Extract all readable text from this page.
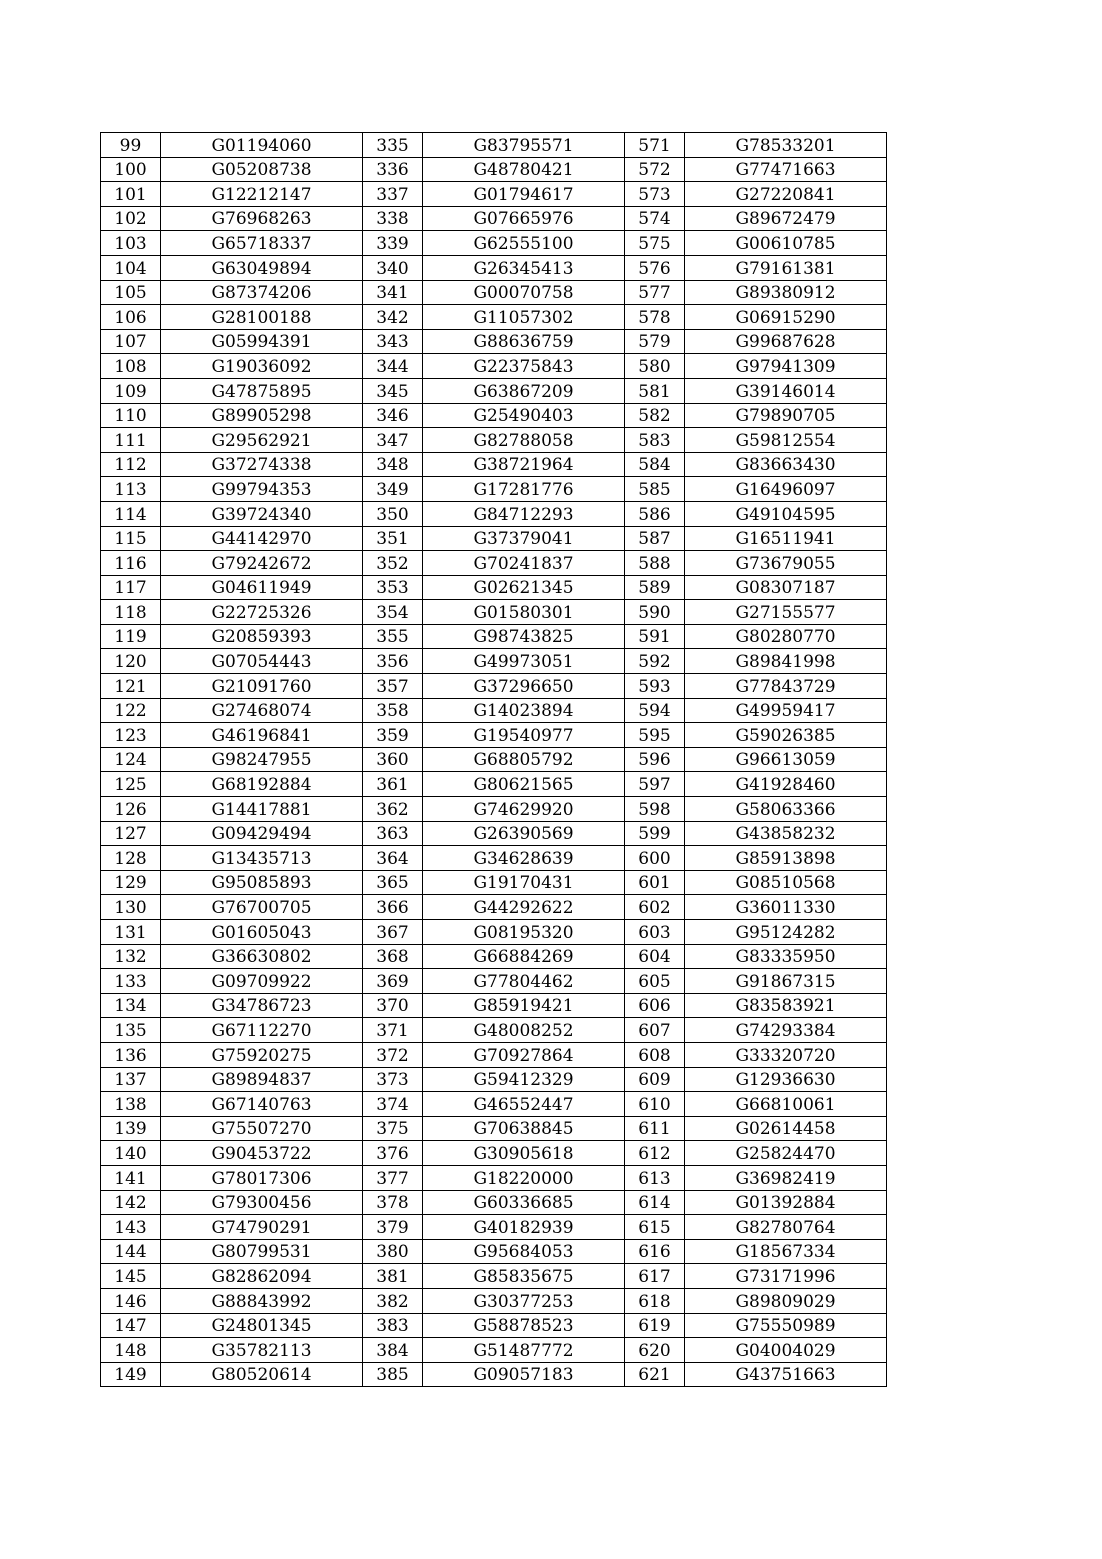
99	G01194060	335	G83795571	571	G78533201
100	G05208738	336	G48780421	572	G77471663
101	G12212147	337	G01794617	573	G27220841
102	G76968263	338	G07665976	574	G89672479
103	G65718337	339	G62555100	575	G00610785
104	G63049894	340	G26345413	576	G79161381
105	G87374206	341	G00070758	577	G89380912
106	G28100188	342	G11057302	578	G06915290
107	G05994391	343	G88636759	579	G99687628
108	G19036092	344	G22375843	580	G97941309
109	G47875895	345	G63867209	581	G39146014
110	G89905298	346	G25490403	582	G79890705
111	G29562921	347	G82788058	583	G59812554
112	G37274338	348	G38721964	584	G83663430
113	G99794353	349	G17281776	585	G16496097
114	G39724340	350	G84712293	586	G49104595
115	G44142970	351	G37379041	587	G16511941
116	G79242672	352	G70241837	588	G73679055
117	G04611949	353	G02621345	589	G08307187
118	G22725326	354	G01580301	590	G27155577
119	G20859393	355	G98743825	591	G80280770
120	G07054443	356	G49973051	592	G89841998
121	G21091760	357	G37296650	593	G77843729
122	G27468074	358	G14023894	594	G49959417
123	G46196841	359	G19540977	595	G59026385
124	G98247955	360	G68805792	596	G96613059
125	G68192884	361	G80621565	597	G41928460
126	G14417881	362	G74629920	598	G58063366
127	G09429494	363	G26390569	599	G43858232
128	G13435713	364	G34628639	600	G85913898
129	G95085893	365	G19170431	601	G08510568
130	G76700705	366	G44292622	602	G36011330
131	G01605043	367	G08195320	603	G95124282
132	G36630802	368	G66884269	604	G83335950
133	G09709922	369	G77804462	605	G91867315
134	G34786723	370	G85919421	606	G83583921
135	G67112270	371	G48008252	607	G74293384
136	G75920275	372	G70927864	608	G33320720
137	G89894837	373	G59412329	609	G12936630
138	G67140763	374	G46552447	610	G66810061
139	G75507270	375	G70638845	611	G02614458
140	G90453722	376	G30905618	612	G25824470
141	G78017306	377	G18220000	613	G36982419
142	G79300456	378	G60336685	614	G01392884
143	G74790291	379	G40182939	615	G82780764
144	G80799531	380	G95684053	616	G18567334
145	G82862094	381	G85835675	617	G73171996
146	G88843992	382	G30377253	618	G89809029
147	G24801345	383	G58878523	619	G75550989
148	G35782113	384	G51487772	620	G04004029
149	G80520614	385	G09057183	621	G43751663
